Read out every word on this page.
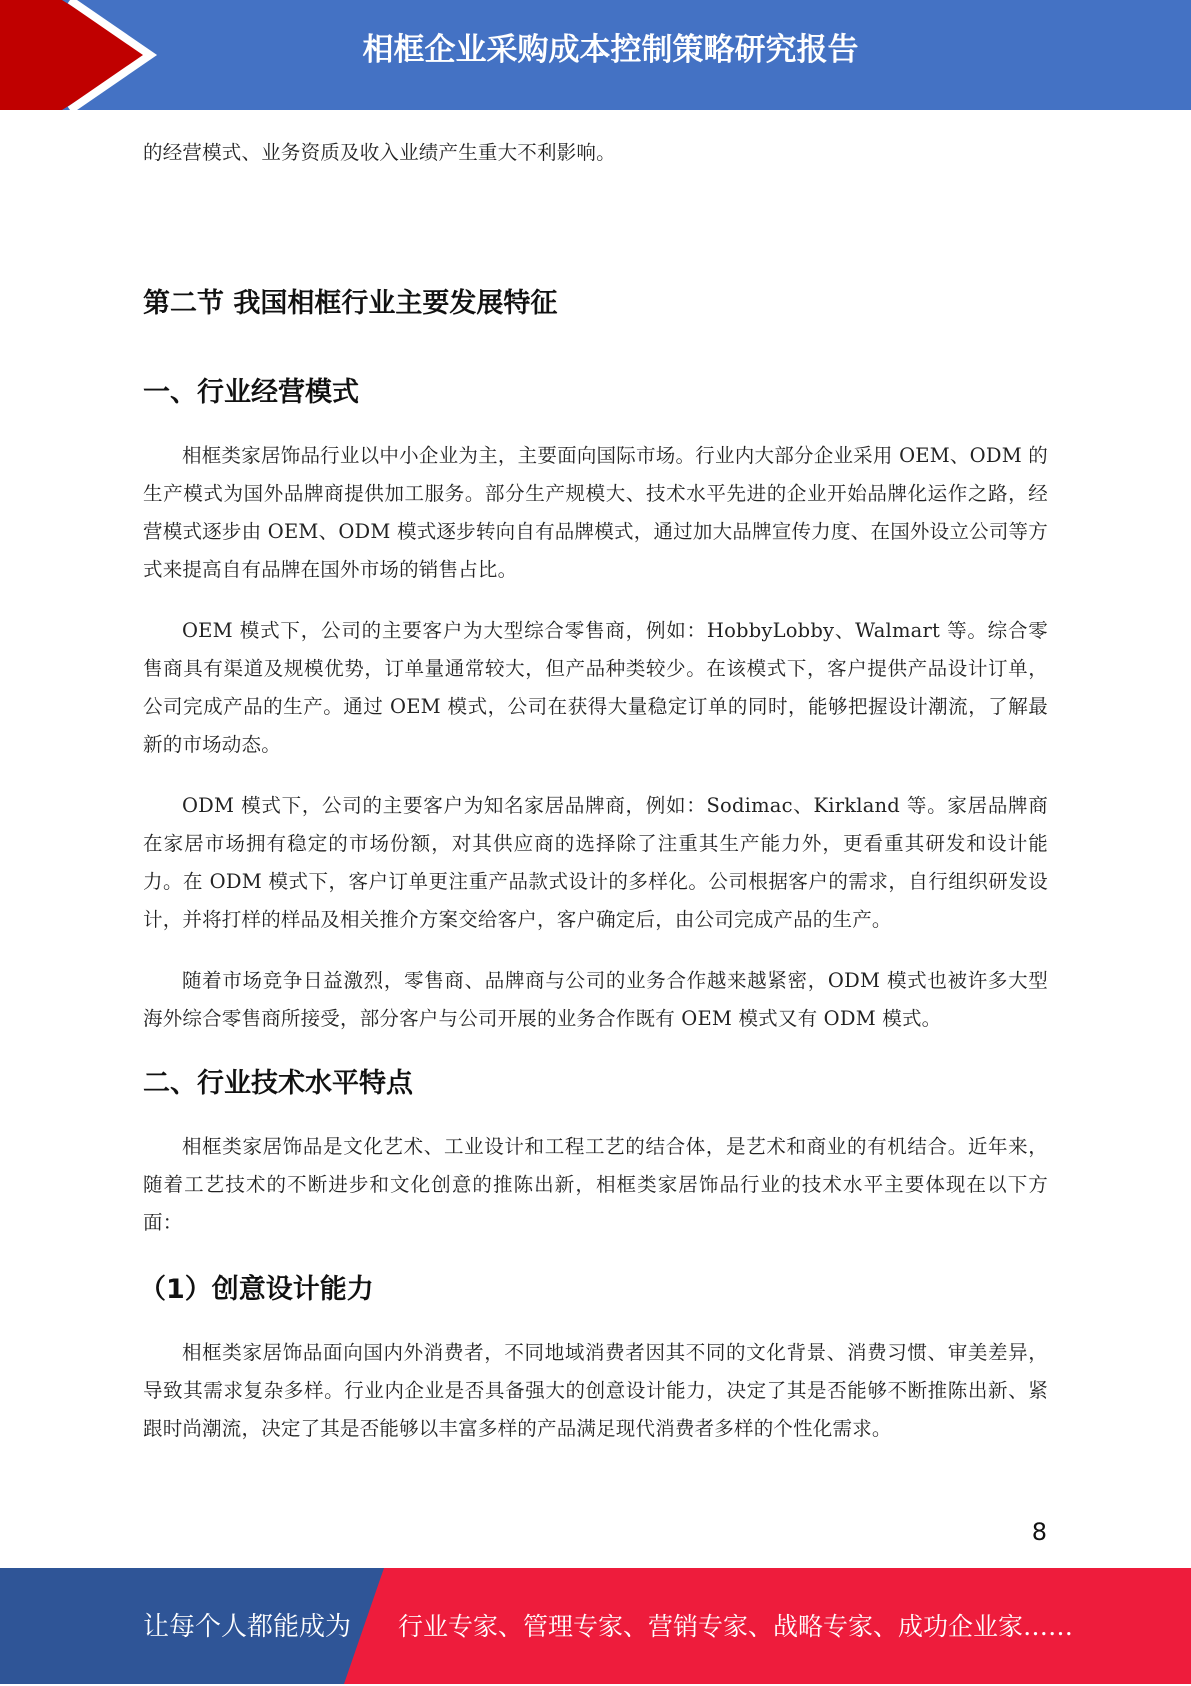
相框企业采购成本控制策略研究报告

的经营模式、业务资质及收入业绩产生重大不利影响。

第二节 我国相框行业主要发展特征
一、行业经营模式

相框类家居饰品行业以中小企业为主，主要面向国际市场。行业内大部分企业采用 OEM、ODM 的生产模式为国外品牌商提供加工服务。部分生产规模大、技术水平先进的企业开始品牌化运作之路，经营模式逐步由 OEM、ODM 模式逐步转向自有品牌模式，通过加大品牌宣传力度、在国外设立公司等方式来提高自有品牌在国外市场的销售占比。

OEM 模式下，公司的主要客户为大型综合零售商，例如：HobbyLobby、Walmart 等。综合零售商具有渠道及规模优势，订单量通常较大，但产品种类较少。在该模式下，客户提供产品设计订单，公司完成产品的生产。通过 OEM 模式，公司在获得大量稳定订单的同时，能够把握设计潮流，了解最新的市场动态。

ODM 模式下，公司的主要客户为知名家居品牌商，例如：Sodimac、Kirkland 等。家居品牌商在家居市场拥有稳定的市场份额，对其供应商的选择除了注重其生产能力外，更看重其研发和设计能力。在 ODM 模式下，客户订单更注重产品款式设计的多样化。公司根据客户的需求，自行组织研发设计，并将打样的样品及相关推介方案交给客户，客户确定后，由公司完成产品的生产。

随着市场竞争日益激烈，零售商、品牌商与公司的业务合作越来越紧密，ODM 模式也被许多大型海外综合零售商所接受，部分客户与公司开展的业务合作既有 OEM 模式又有 ODM 模式。

二、行业技术水平特点

相框类家居饰品是文化艺术、工业设计和工程工艺的结合体，是艺术和商业的有机结合。近年来，随着工艺技术的不断进步和文化创意的推陈出新，相框类家居饰品行业的技术水平主要体现在以下方面：

（1）创意设计能力

相框类家居饰品面向国内外消费者，不同地域消费者因其不同的文化背景、消费习惯、审美差异，导致其需求复杂多样。行业内企业是否具备强大的创意设计能力，决定了其是否能够不断推陈出新、紧跟时尚潮流，决定了其是否能够以丰富多样的产品满足现代消费者多样的个性化需求。

8
让每个人都能成为 行业专家、管理专家、营销专家、战略专家、成功企业家……
